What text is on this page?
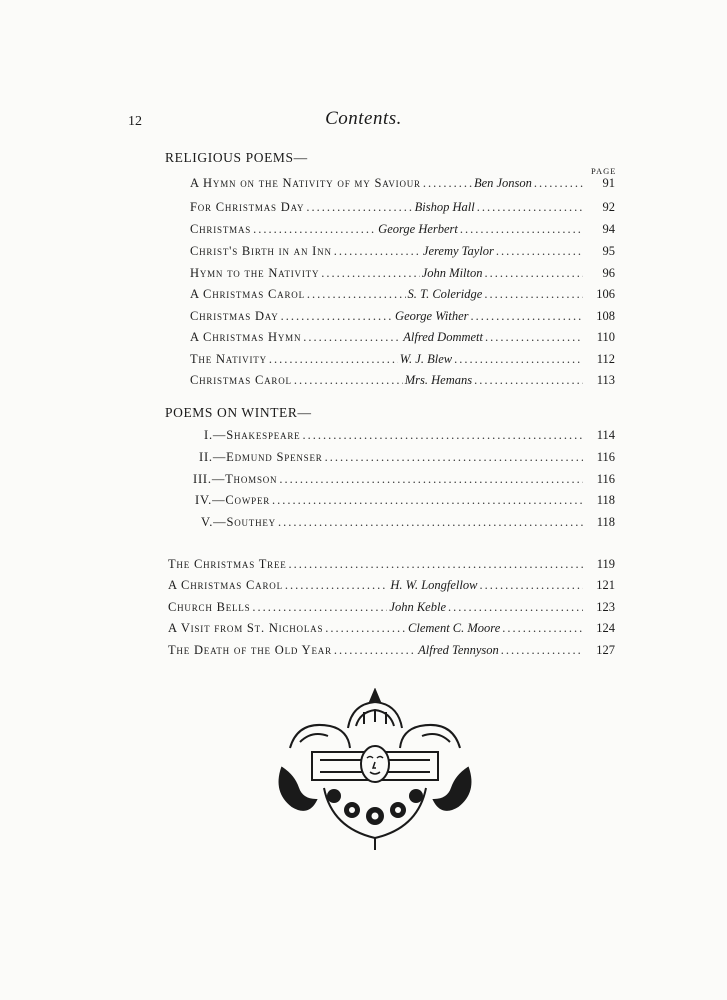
12	Contents.
RELIGIOUS POEMS—
PAGE
A Hymn on the Nativity of my Saviour .....	Ben Jonson .....	91
For Christmas Day .....	Bishop Hall .....	92
Christmas .....	George Herbert .....	94
Christ's Birth in an Inn .....	Jeremy Taylor .....	95
Hymn to the Nativity .....	John Milton .....	96
A Christmas Carol .....	S. T. Coleridge .....	106
Christmas Day .....	George Wither .....	108
A Christmas Hymn .....	Alfred Dommett .....	110
The Nativity .....	W. J. Blew .....	112
Christmas Carol .....	Mrs. Hemans .....	113
POEMS ON WINTER—
I.—Shakespeare .....	114
II.—Edmund Spenser .....	116
III.—Thomson .....	116
IV.—Cowper .....	118
V.—Southey .....	118
The Christmas Tree .....	119
A Christmas Carol .....	H. W. Longfellow .....	121
Church Bells .....	John Keble .....	123
A Visit from St. Nicholas .....	Clement C. Moore .....	124
The Death of the Old Year .....	Alfred Tennyson .....	127
